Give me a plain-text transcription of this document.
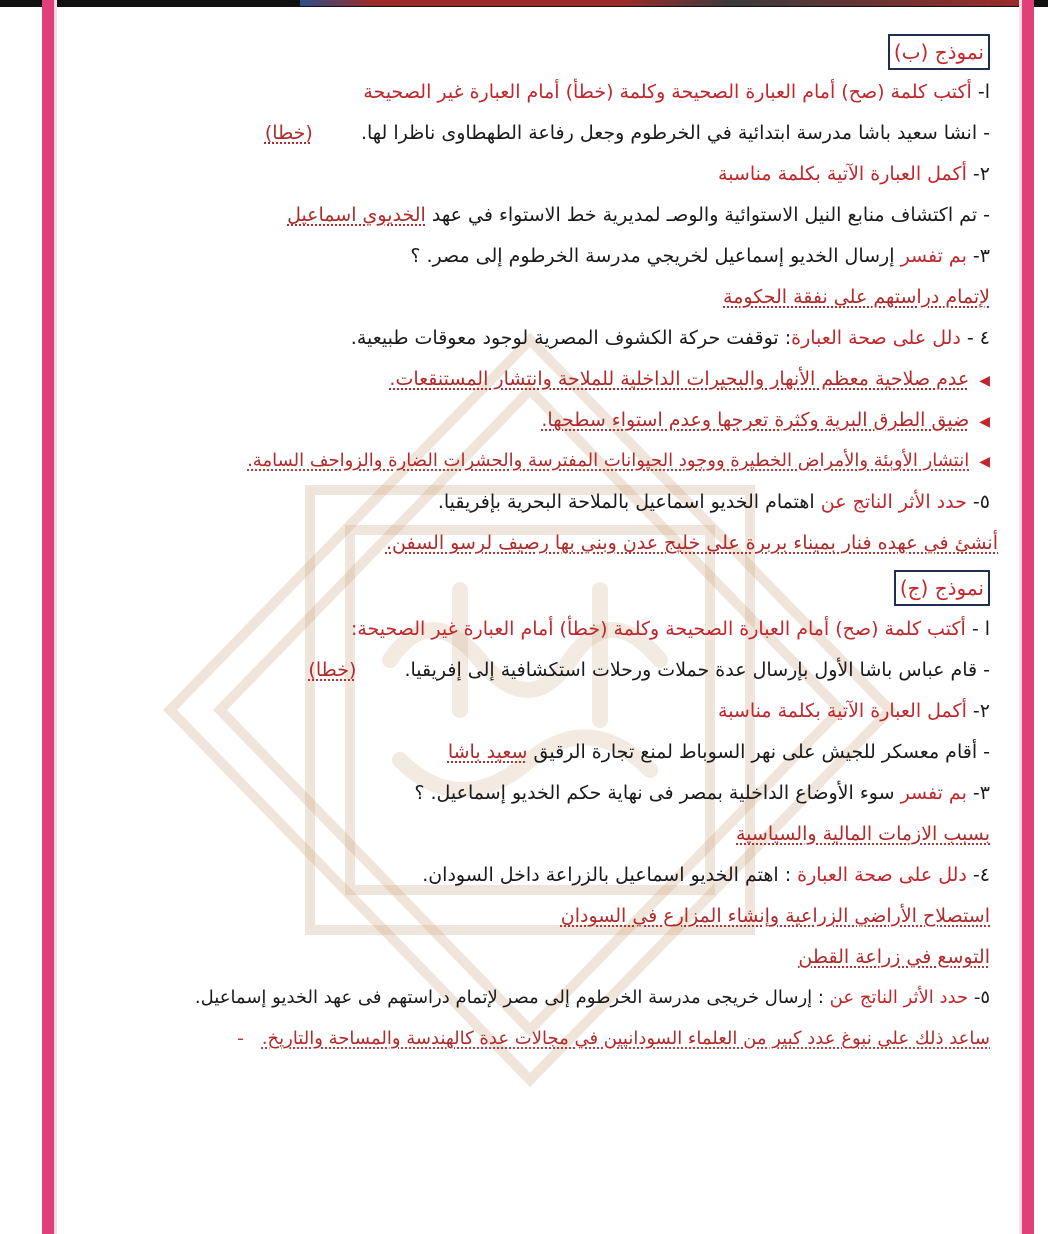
نموذج (ب)
ا- أكتب كلمة (صح) أمام العبارة الصحيحة وكلمة (خطأ) أمام العبارة غير الصحيحة
- انشا سعيد باشا مدرسة ابتدائية في الخرطوم وجعل رفاعة الطهطاوى ناظرا لها.  (خطا)
٢- أكمل العبارة الآتية بكلمة مناسبة
- تم اكتشاف منابع النيل الاستوائية والوصـ لمديرية خط الاستواء في عهد الخديوي اسماعيل
٣- بم تفسر إرسال الخديو إسماعيل لخريجي مدرسة الخرطوم إلى مصر. ؟
لإتمام دراستهم على نفقة الحكومة
٤ - دلل على صحة العبارة: توقفت حركة الكشوف المصرية لوجود معوقات طبيعية.
◀عدم صلاحية معظم الأنهار والبحيرات الداخلية للملاحة وانتشار المستنقعات.
◀ضيق الطرق البرية وكثرة تعرجها وعدم استواء سطحها.
◀انتشار الأوبئة والأمراض الخطيرة ووجود الحيوانات المفترسة والحشرات الضارة والزواحف السامة.
٥- حدد الأثر الناتج عن اهتمام الخديو اسماعيل بالملاحة البحرية بإفريقيا.
أنشئ في عهده فنار بميناء بربرة على خليج عدن وبني بها رصيف لرسو السفن.
نموذج (ج)
ا - أكتب كلمة (صح) أمام العبارة الصحيحة وكلمة (خطأ) أمام العبارة غير الصحيحة:
- قام عباس باشا الأول بإرسال عدة حملات ورحلات استكشافية إلى إفريقيا.  (خطا)
٢- أكمل العبارة الآتية بكلمة مناسبة
- أقام معسكر للجيش على نهر السوباط لمنع تجارة الرقيق سعيد باشا
٣- بم تفسر سوء الأوضاع الداخلية بمصر فى نهاية حكم الخديو إسماعيل. ؟
بسبب الازمات المالية والسياسية
٤- دلل على صحة العبارة : اهتم الخديو اسماعيل بالزراعة داخل السودان.
استصلاح الأراضي الزراعية وإنشاء المزارع في السودان
التوسع في زراعة القطن
٥- حدد الأثر الناتج عن : إرسال خريجى مدرسة الخرطوم إلى مصر لإتمام دراستهم فى عهد الخديو إسماعيل.
ساعد ذلك على نبوغ عدد كبير من العلماء السودانيين في مجالات عدة كالهندسة والمساحة والتاريخ.-
